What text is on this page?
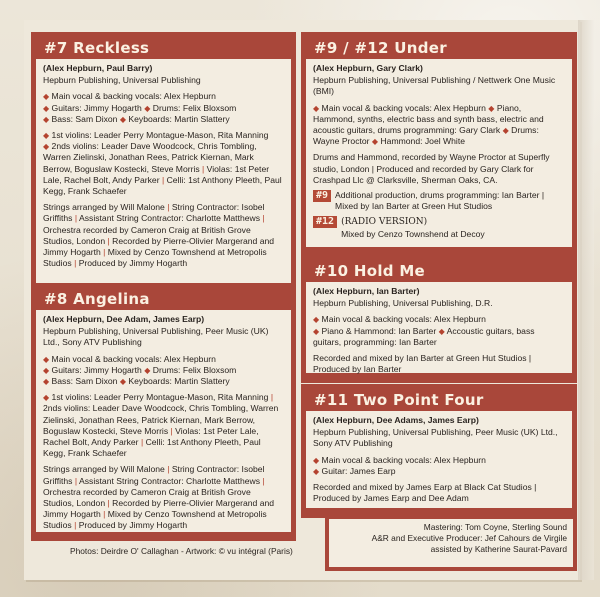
#7 Reckless
(Alex Hepburn, Paul Barry)
Hepburn Publishing, Universal Publishing
◆ Main vocal & backing vocals: Alex Hepburn
◆ Guitars: Jimmy Hogarth ◆ Drums: Felix Bloxsom
◆ Bass: Sam Dixon ◆ Keyboards: Martin Slattery
◆ 1st violins: Leader Perry Montague-Mason, Rita Manning
◆ 2nds violins: Leader Dave Woodcock, Chris Tombling, Warren Zielinski, Jonathan Rees, Patrick Kiernan, Mark Berrow, Boguslaw Kostecki, Steve Morris | Violas: 1st Peter Lale, Rachel Bolt, Andy Parker | Celli: 1st Anthony Pleeth, Paul Kegg, Frank Schaefer
Strings arranged by Will Malone | String Contractor: Isobel Griffiths | Assistant String Contractor: Charlotte Matthews | Orchestra recorded by Cameron Craig at British Grove Studios, London | Recorded by Pierre-Olivier Margerand and Jimmy Hogarth | Mixed by Cenzo Townshend at Metropolis Studios | Produced by Jimmy Hogarth
#8 Angelina
(Alex Hepburn, Dee Adam, James Earp)
Hepburn Publishing, Universal Publishing, Peer Music (UK) Ltd., Sony ATV Publishing
◆ Main vocal & backing vocals: Alex Hepburn
◆ Guitars: Jimmy Hogarth ◆ Drums: Felix Bloxsom
◆ Bass: Sam Dixon ◆ Keyboards: Martin Slattery
◆ 1st violins: Leader Perry Montague-Mason, Rita Manning | 2nds violins: Leader Dave Woodcock, Chris Tombling, Warren Zielinski, Jonathan Rees, Patrick Kiernan, Mark Berrow, Boguslaw Kostecki, Steve Morris | Violas: 1st Peter Lale, Rachel Bolt, Andy Parker | Celli: 1st Anthony Pleeth, Paul Kegg, Frank Schaefer
Strings arranged by Will Malone | String Contractor: Isobel Griffiths | Assistant String Contractor: Charlotte Matthews | Orchestra recorded by Cameron Craig at British Grove Studios, London | Recorded by Pierre-Olivier Margerand and Jimmy Hogarth | Mixed by Cenzo Townshend at Metropolis Studios | Produced by Jimmy Hogarth
#9 / #12 Under
(Alex Hepburn, Gary Clark)
Hepburn Publishing, Universal Publishing / Nettwerk One Music (BMI)
◆ Main vocal & backing vocals: Alex Hepburn ◆ Piano, Hammond, synths, electric bass and synth bass, electric and acoustic guitars, drums programming: Gary Clark ◆ Drums: Wayne Proctor ◆ Hammond: Joel White
Drums and Hammond, recorded by Wayne Proctor at Superfly studio, London | Produced and recorded by Gary Clark for Crashpad Llc @ Clarksville, Sherman Oaks, CA.
#9 Additional production, drums programming: Ian Barter | Mixed by Ian Barter at Green Hut Studios
#12 (RADIO VERSION)
Mixed by Cenzo Townshend at Decoy
#10 Hold Me
(Alex Hepburn, Ian Barter)
Hepburn Publishing, Universal Publishing, D.R.
◆ Main vocal & backing vocals: Alex Hepburn
◆ Piano & Hammond: Ian Barter ◆ Accoustic guitars, bass guitars, programming: Ian Barter
Recorded and mixed by Ian Barter at Green Hut Studios | Produced by Ian Barter
#11 Two Point Four
(Alex Hepburn, Dee Adams, James Earp)
Hepburn Publishing, Universal Publishing, Peer Music (UK) Ltd., Sony ATV Publishing
◆ Main vocal & backing vocals: Alex Hepburn
◆ Guitar: James Earp
Recorded and mixed by James Earp at Black Cat Studios | Produced by James Earp and Dee Adam
Mastering: Tom Coyne, Sterling Sound
A&R and Executive Producer: Jef Cahours de Virgile
assisted by Katherine Saurat-Pavard
Photos: Deirdre O' Callaghan - Artwork: © vu intégral (Paris)
